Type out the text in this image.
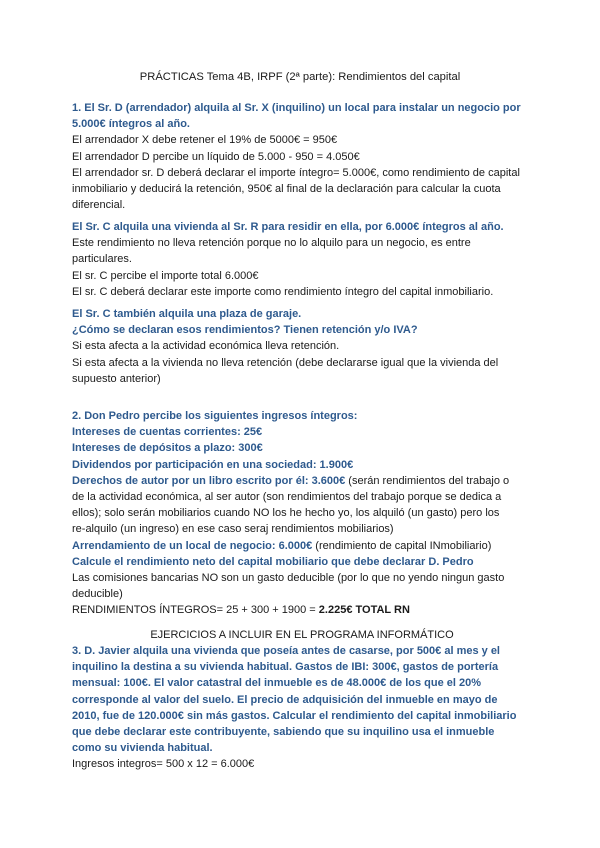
PRÁCTICAS Tema 4B, IRPF (2ª parte): Rendimientos del capital

1. El Sr. D (arrendador) alquila al Sr. X (inquilino) un local para instalar un negocio por

5.000€ íntegros al año.

El arrendador X debe retener el 19% de 5000€ = 950€

El arrendador D percibe un líquido de 5.000 - 950 = 4.050€

El arrendador sr. D deberá declarar el importe íntegro= 5.000€, como rendimiento de capital

inmobiliario y deducirá la retención, 950€ al final de la declaración para calcular la cuota

diferencial.

El Sr. C alquila una vivienda al Sr. R para residir en ella, por 6.000€ íntegros al año.

Este rendimiento no lleva retención porque no lo alquilo para un negocio, es entre

particulares.

El sr. C percibe el importe total 6.000€

El sr. C deberá declarar este importe como rendimiento íntegro del capital inmobiliario.

El Sr. C también alquila una plaza de garaje.

¿Cómo se declaran esos rendimientos? Tienen retención y/o IVA?

Si esta afecta a la actividad económica lleva retención.

Si esta afecta a la vivienda no lleva retención (debe declararse igual que la vivienda del

supuesto anterior)

2. Don Pedro percibe los siguientes ingresos íntegros:

Intereses de cuentas corrientes: 25€

Intereses de depósitos a plazo: 300€

Dividendos por participación en una sociedad: 1.900€

Derechos de autor por un libro escrito por él: 3.600€ (serán rendimientos del trabajo o

de la actividad económica, al ser autor (son rendimientos del trabajo porque se dedica a

ellos); solo serán mobiliarios cuando NO los he hecho yo, los alquiló (un gasto) pero los

re-alquilo (un ingreso) en ese caso seraj rendimientos mobiliarios)

Arrendamiento de un local de negocio: 6.000€ (rendimiento de capital INmobiliario)

Calcule el rendimiento neto del capital mobiliario que debe declarar D. Pedro

Las comisiones bancarias NO son un gasto deducible (por lo que no yendo ningun gasto

deducible)

RENDIMIENTOS ÍNTEGROS= 25 + 300 + 1900 = 2.225€ TOTAL RN

EJERCICIOS A INCLUIR EN EL PROGRAMA INFORMÁTICO

3. D. Javier alquila una vivienda que poseía antes de casarse, por 500€ al mes y el

inquilino la destina a su vivienda habitual. Gastos de IBI: 300€, gastos de portería

mensual: 100€. El valor catastral del inmueble es de 48.000€ de los que el 20%

corresponde al valor del suelo. El precio de adquisición del inmueble en mayo de

2010, fue de 120.000€ sin más gastos. Calcular el rendimiento del capital inmobiliario

que debe declarar este contribuyente, sabiendo que su inquilino usa el inmueble

como su vivienda habitual.

Ingresos integros= 500 x 12 = 6.000€
